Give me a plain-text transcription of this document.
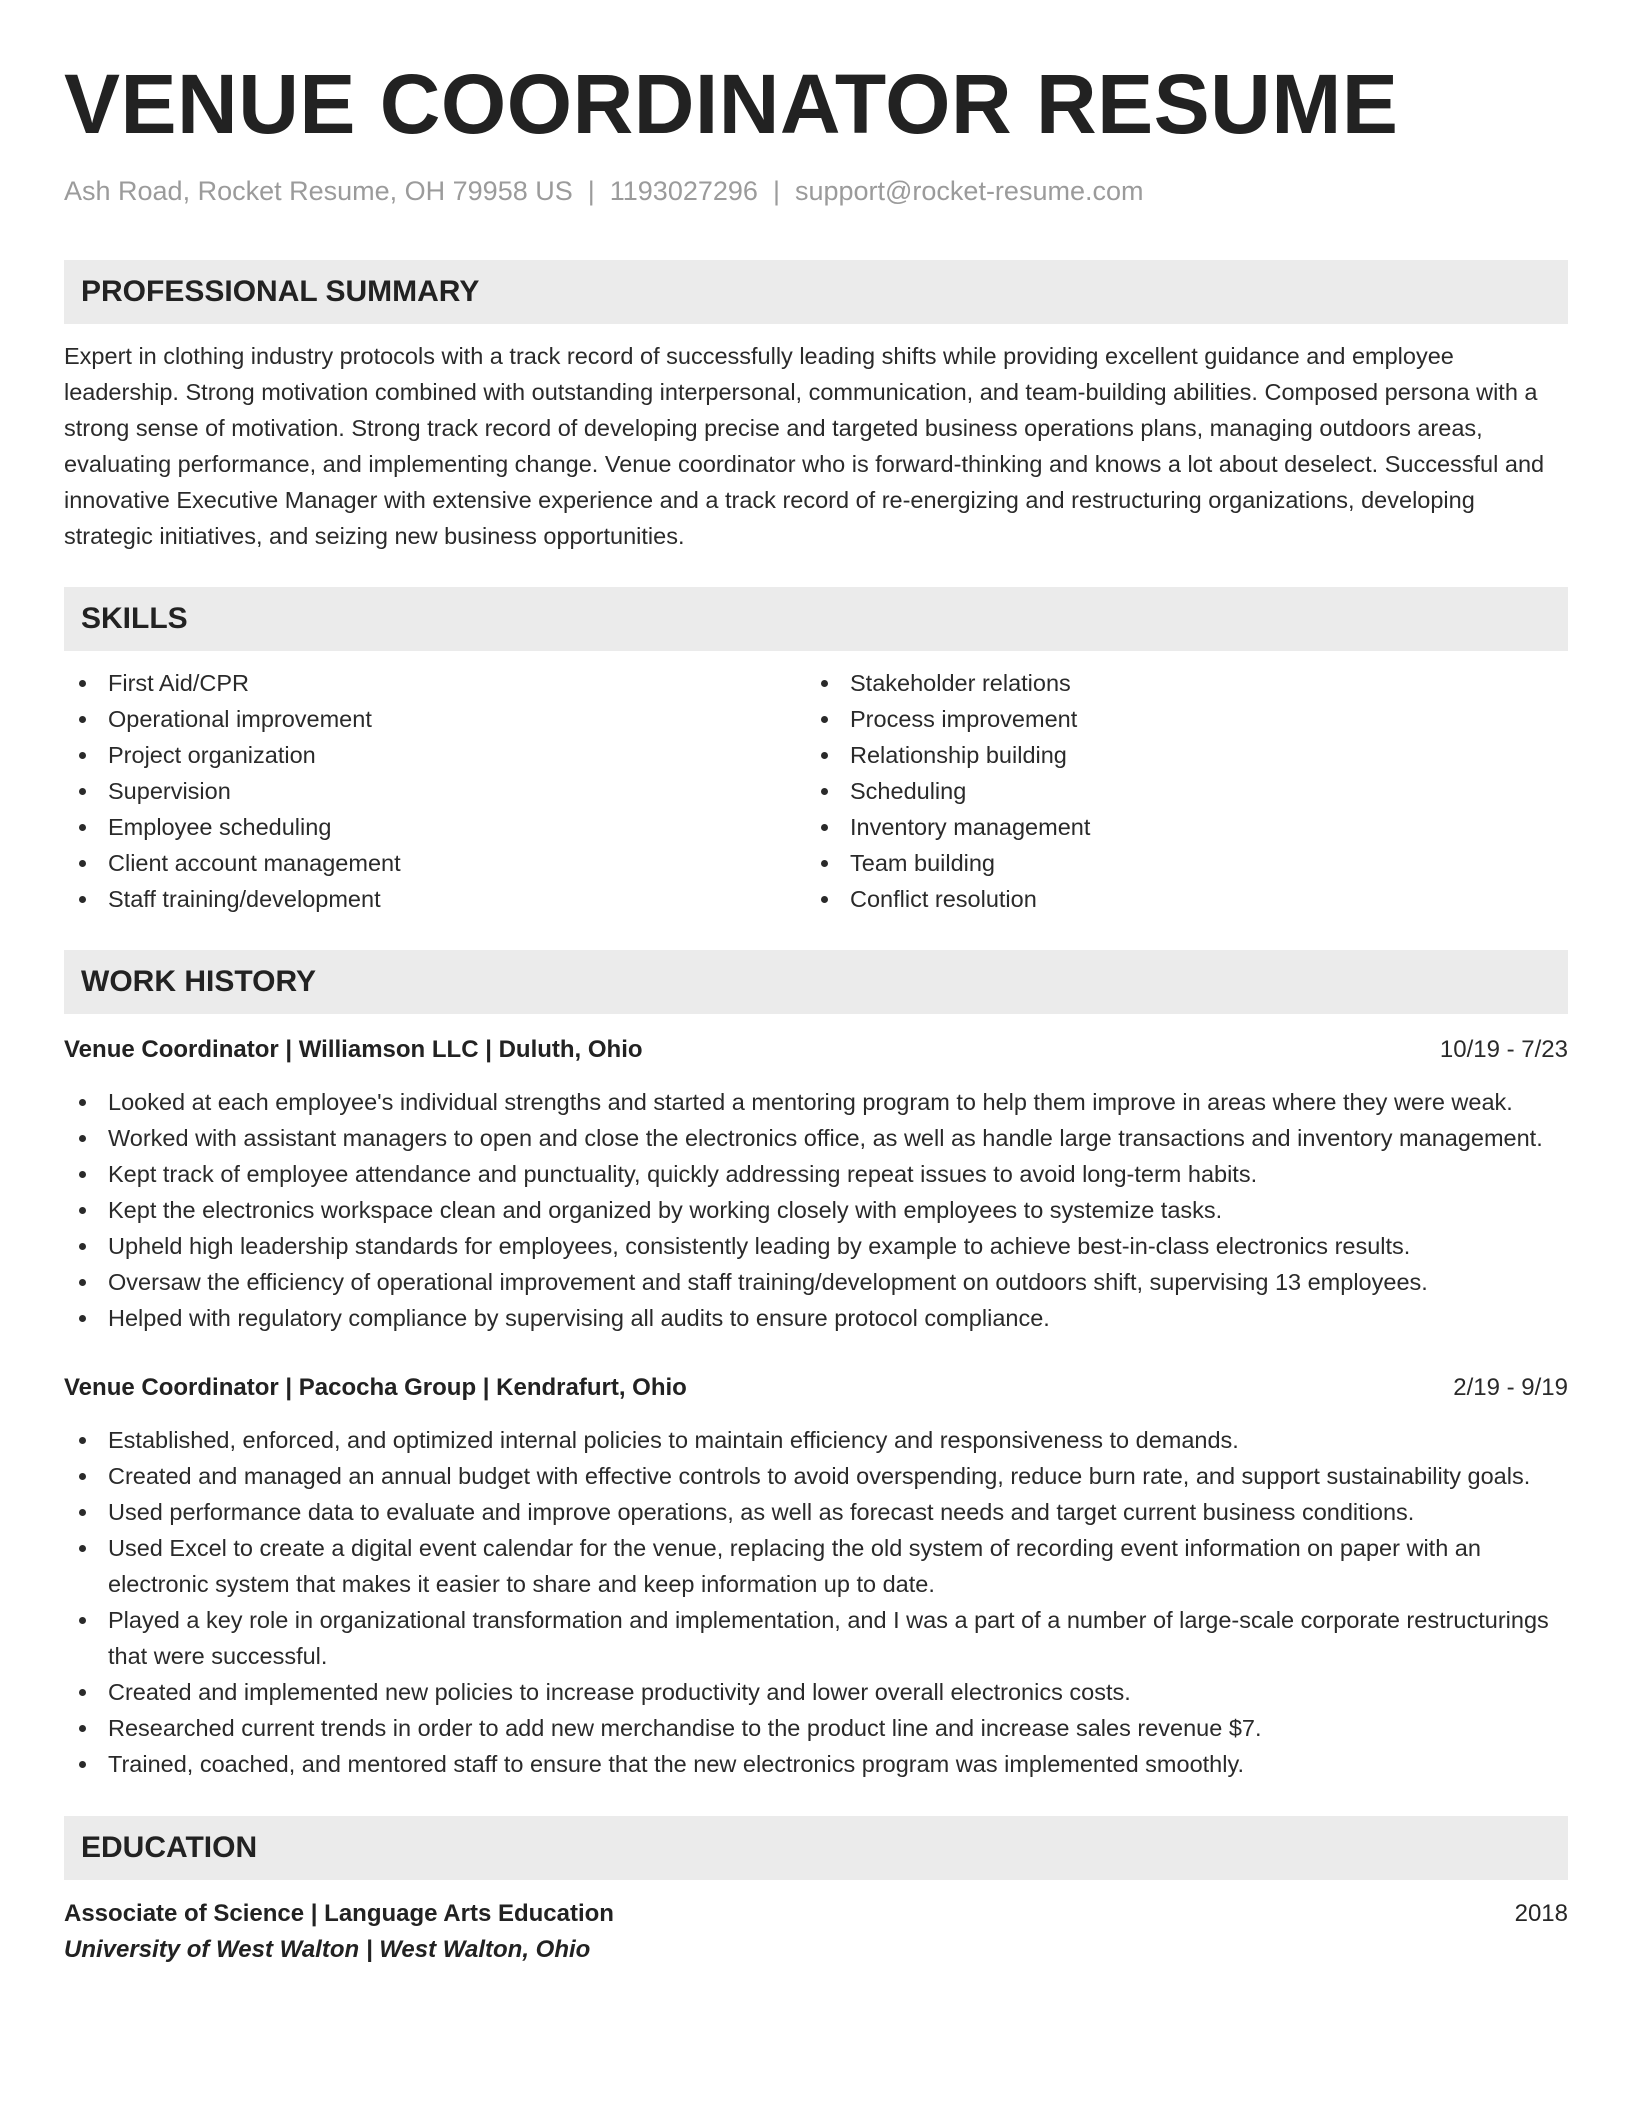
VENUE COORDINATOR RESUME
Ash Road, Rocket Resume, OH 79958 US | 1193027296 | support@rocket-resume.com
PROFESSIONAL SUMMARY
Expert in clothing industry protocols with a track record of successfully leading shifts while providing excellent guidance and employee leadership. Strong motivation combined with outstanding interpersonal, communication, and team-building abilities. Composed persona with a strong sense of motivation. Strong track record of developing precise and targeted business operations plans, managing outdoors areas, evaluating performance, and implementing change. Venue coordinator who is forward-thinking and knows a lot about deselect. Successful and innovative Executive Manager with extensive experience and a track record of re-energizing and restructuring organizations, developing strategic initiatives, and seizing new business opportunities.
SKILLS
First Aid/CPR
Operational improvement
Project organization
Supervision
Employee scheduling
Client account management
Staff training/development
Stakeholder relations
Process improvement
Relationship building
Scheduling
Inventory management
Team building
Conflict resolution
WORK HISTORY
Venue Coordinator | Williamson LLC | Duluth, Ohio	10/19 - 7/23
Looked at each employee's individual strengths and started a mentoring program to help them improve in areas where they were weak.
Worked with assistant managers to open and close the electronics office, as well as handle large transactions and inventory management.
Kept track of employee attendance and punctuality, quickly addressing repeat issues to avoid long-term habits.
Kept the electronics workspace clean and organized by working closely with employees to systemize tasks.
Upheld high leadership standards for employees, consistently leading by example to achieve best-in-class electronics results.
Oversaw the efficiency of operational improvement and staff training/development on outdoors shift, supervising 13 employees.
Helped with regulatory compliance by supervising all audits to ensure protocol compliance.
Venue Coordinator | Pacocha Group | Kendrafurt, Ohio	2/19 - 9/19
Established, enforced, and optimized internal policies to maintain efficiency and responsiveness to demands.
Created and managed an annual budget with effective controls to avoid overspending, reduce burn rate, and support sustainability goals.
Used performance data to evaluate and improve operations, as well as forecast needs and target current business conditions.
Used Excel to create a digital event calendar for the venue, replacing the old system of recording event information on paper with an electronic system that makes it easier to share and keep information up to date.
Played a key role in organizational transformation and implementation, and I was a part of a number of large-scale corporate restructurings that were successful.
Created and implemented new policies to increase productivity and lower overall electronics costs.
Researched current trends in order to add new merchandise to the product line and increase sales revenue $7.
Trained, coached, and mentored staff to ensure that the new electronics program was implemented smoothly.
EDUCATION
Associate of Science | Language Arts Education	2018
University of West Walton | West Walton, Ohio
